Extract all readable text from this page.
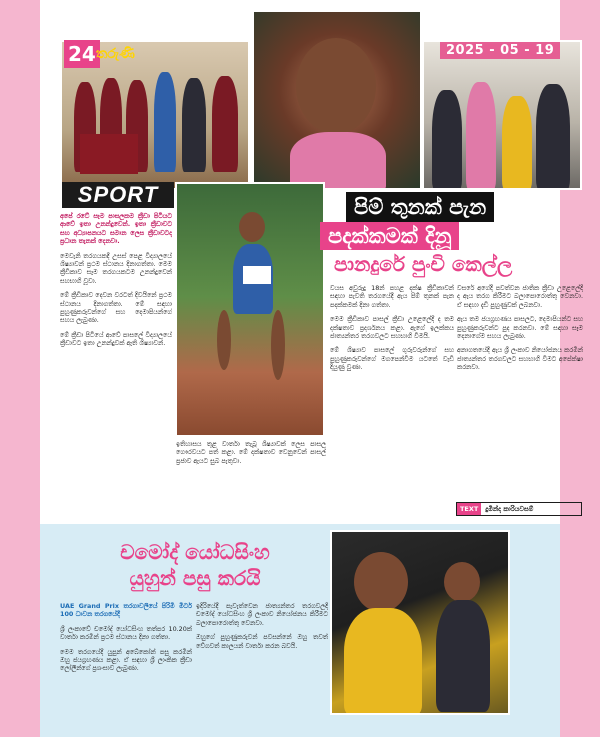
24 තරුණි	2025 - 05 - 19
SPORT	පිම් තුනක් පැන
පදක්කමක් දිනූ
පානදුරේ පුංචි කෙල්ල

අපේ රටේ සෑම පාසලකම ක්‍රීඩා පිටියට ආවේ ඉතා උනන්දුවෙන්. ඉතා ක්‍රීඩාවට සහ අධ්‍යාපනයට සමාන ලෙස ක්‍රීඩාවටද ප්‍රධාන තැනක් දෙනවා.

මෙවැනි තරගයකදී උසස් පෙළ විද්‍යාලයේ ශිෂ්‍යාවන් ප්‍රථම ස්ථානය දිනාගත්තා. මෙම ක්‍රීඩිකාව සෑම තරගයකටම උනන්දුවෙන් සහභාගි වූවා.

මේ ක්‍රීඩිකාව දෙවන වරටත් දිවයිනේ ප්‍රථම ස්ථානය දිනාගත්තා. මේ සඳහා පුහුණුකරුවන්ගේ සහ දෙමාපියන්ගේ සහය ලැබුණා.

මේ ක්‍රීඩා පිටියේ ආවේ පාසලේ විද්‍යාලයේ ක්‍රීඩාවට ඉතා උනන්දුවක් ඇති ශිෂ්‍යාවන්.

ඉතිහාසය තුළ වාර්තා තැබූ ශිෂ්‍යාවක් ලෙස පාසල ගෞරවයට පත් කළා. මේ දක්ෂතාව වෙනුවෙන් පාසල් ප්‍රජාව ඇයට සුබ පැතුවා.

වයස අවුරුදු 18න් පහළ දක්ෂ ක්‍රීඩිකාවන් සඳහා පැවති තරගයේදී ඇය පිම් තුනක් පැන පදක්කමක් දිනා ගත්තා.

මෙම ක්‍රීඩිකාව පාසල් ක්‍රීඩා උළෙලේදී ද තම දක්ෂතාව ප්‍රදර්ශනය කළා. ඇගේ ඉලක්කය ජාත්‍යන්තර තරගවලට සහභාගි වීමයි.

මේ ශිෂ්‍යාව පාසලේ ගුරුවරුන්ගේ සහ පුහුණුකරුවන්ගේ මගපෙන්වීම යටතේ වැඩි දියුණු වුණා.

වසරේ අගේදී පවත්වන ජාතික ක්‍රීඩා උළෙලේදී ද ඇය තරග කිරීමට බලාපොරොත්තු වෙනවා. ඒ සඳහා දැඩි පුහුණුවක් ලබනවා.

ඇය තම ජයග්‍රහණය පාසලට, දෙමාපියන්ට සහ පුහුණුකරුවන්ට පුද කරනවා. මේ සඳහා සෑම දෙනාගේම සහය ලැබුණා.

අනාගතයේදී ඇය ශ්‍රී ලංකාව නියෝජනය කරමින් ජාත්‍යන්තර තරගවලට සහභාගි වීමට අපේක්ෂා කරනවා.

TEXT	දුමින්ද කාරියවසම්
චමෝද් යෝධසිංහ
යුහුන් පසු කරයි

UAE Grand Prix තරගාවලියේ පිරිමි මීටර් 100 ධාවන තරගයේදී

ශ්‍රී ලංකාවේ චමෝද් යෝධසිංහ තත්පර 10.20ක් වාර්තා කරමින් ප්‍රථම ස්ථානය දිනා ගත්තා.

මෙම තරගයේදී යුපුන් අබේකෝන් පසු කරමින් ඔහු ජයග්‍රහණය කළා. ඒ සඳහා ශ්‍රී ලාංකික ක්‍රීඩා ලෝලීන්ගේ ප්‍රශංසාව ලැබුණා.

ඉදිරියේදී පැවැත්වෙන ජාත්‍යන්තර තරගවලදී චමෝද් යෝධසිංහ ශ්‍රී ලංකාව නියෝජනය කිරීමට බලාපොරොත්තු වෙනවා.

ඔහුගේ පුහුණුකරුවන් පවසන්නේ ඔහු තවත් වේගවත් කාලයන් වාර්තා කරන බවයි.
